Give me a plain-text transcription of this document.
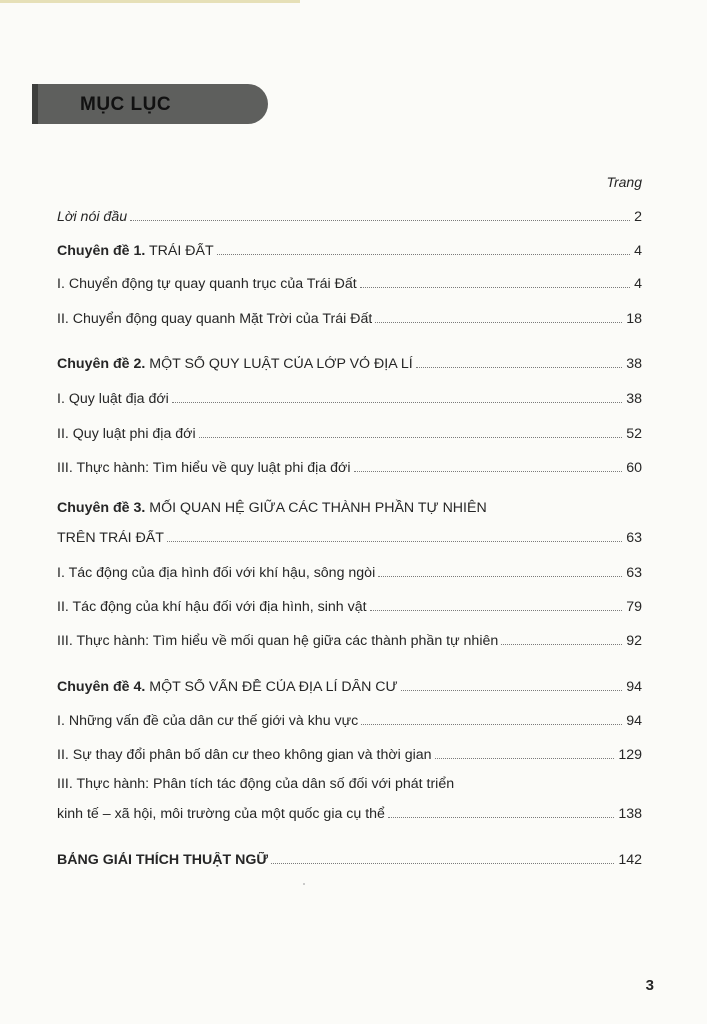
MỤC LỤC
Trang
Lời nói đầu	2
Chuyên đề 1. TRÁI ĐẤT	4
I. Chuyển động tự quay quanh trục của Trái Đất	4
II. Chuyển động quay quanh Mặt Trời của Trái Đất	18
Chuyên đề 2. MỘT SỐ QUY LUẬT CỦA LỚP VỎ ĐỊA LÍ	38
I. Quy luật địa đới	38
II. Quy luật phi địa đới	52
III. Thực hành: Tìm hiểu về quy luật phi địa đới	60
Chuyên đề 3. MỐI QUAN HỆ GIỮA CÁC THÀNH PHẦN TỰ NHIÊN
TRÊN TRÁI ĐẤT	63
I. Tác động của địa hình đối với khí hậu, sông ngòi	63
II. Tác động của khí hậu đối với địa hình, sinh vật	79
III. Thực hành: Tìm hiểu về mối quan hệ giữa các thành phần tự nhiên	92
Chuyên đề 4. MỘT SỐ VẤN ĐỀ CỦA ĐỊA LÍ DÂN CƯ	94
I. Những vấn đề của dân cư thế giới và khu vực	94
II. Sự thay đổi phân bố dân cư theo không gian và thời gian	129
III. Thực hành: Phân tích tác động của dân số đối với phát triển
kinh tế – xã hội, môi trường của một quốc gia cụ thể	138
BẢNG GIẢI THÍCH THUẬT NGỮ	142
3
